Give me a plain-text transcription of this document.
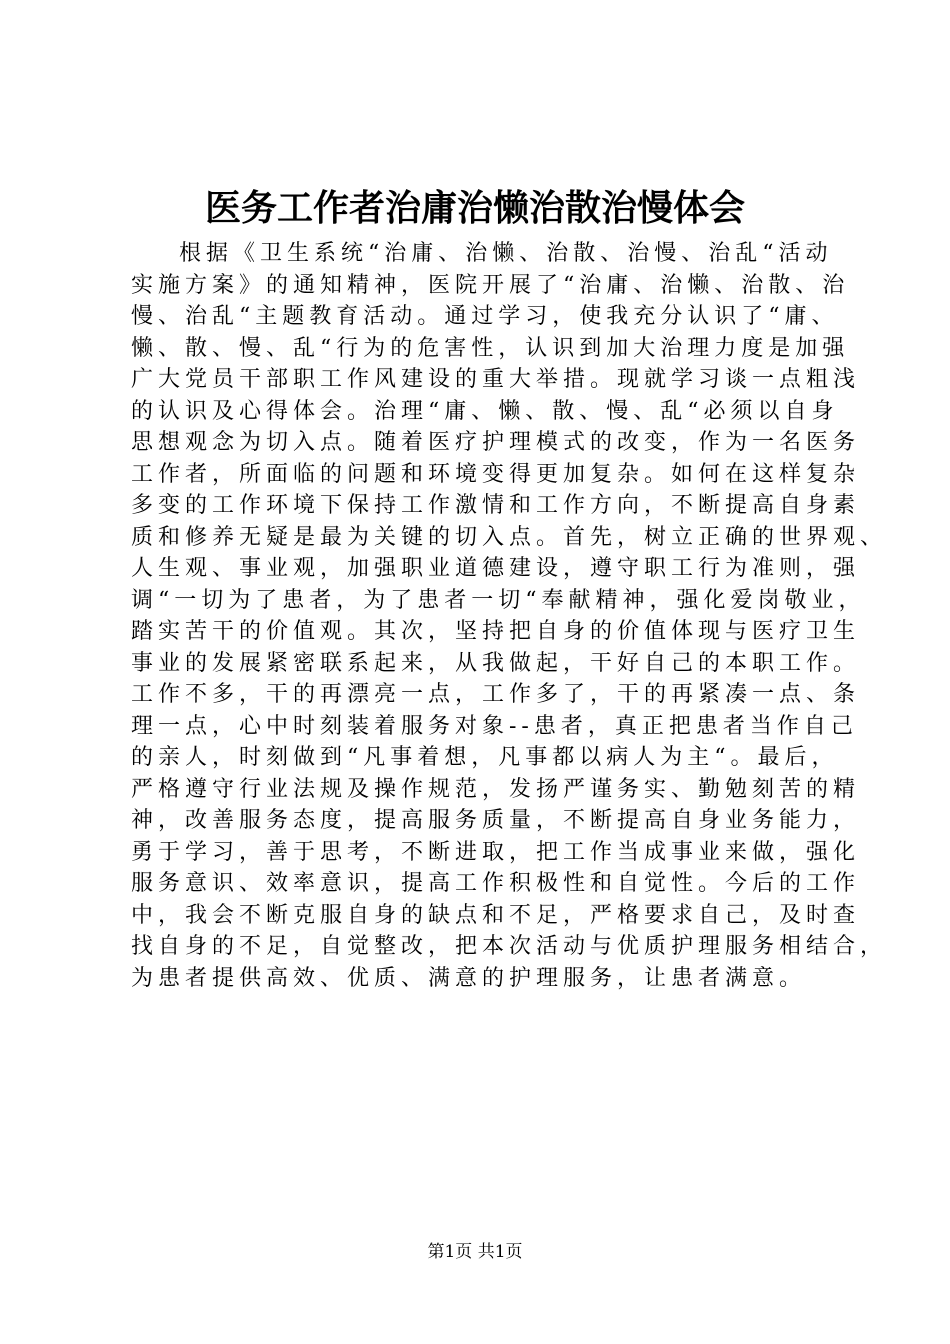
医务工作者治庸治懒治散治慢体会
根据《卫生系统“治庸、治懒、治散、治慢、治乱“活动
实施方案》的通知精神，医院开展了“治庸、治懒、治散、治
慢、治乱“主题教育活动。通过学习，使我充分认识了“庸、
懒、散、慢、乱“行为的危害性，认识到加大治理力度是加强
广大党员干部职工作风建设的重大举措。现就学习谈一点粗浅
的认识及心得体会。治理“庸、懒、散、慢、乱“必须以自身
思想观念为切入点。随着医疗护理模式的改变，作为一名医务
工作者，所面临的问题和环境变得更加复杂。如何在这样复杂
多变的工作环境下保持工作激情和工作方向，不断提高自身素
质和修养无疑是最为关键的切入点。首先，树立正确的世界观、
人生观、事业观，加强职业道德建设，遵守职工行为准则，强
调“一切为了患者，为了患者一切“奉献精神，强化爱岗敬业，
踏实苦干的价值观。其次，坚持把自身的价值体现与医疗卫生
事业的发展紧密联系起来，从我做起，干好自己的本职工作。
工作不多，干的再漂亮一点，工作多了，干的再紧凑一点、条
理一点，心中时刻装着服务对象--患者，真正把患者当作自己
的亲人，时刻做到“凡事着想，凡事都以病人为主“。最后，
严格遵守行业法规及操作规范，发扬严谨务实、勤勉刻苦的精
神，改善服务态度，提高服务质量，不断提高自身业务能力，
勇于学习，善于思考，不断进取，把工作当成事业来做，强化
服务意识、效率意识，提高工作积极性和自觉性。今后的工作
中，我会不断克服自身的缺点和不足，严格要求自己，及时查
找自身的不足，自觉整改，把本次活动与优质护理服务相结合，
为患者提供高效、优质、满意的护理服务，让患者满意。
第1页 共1页
